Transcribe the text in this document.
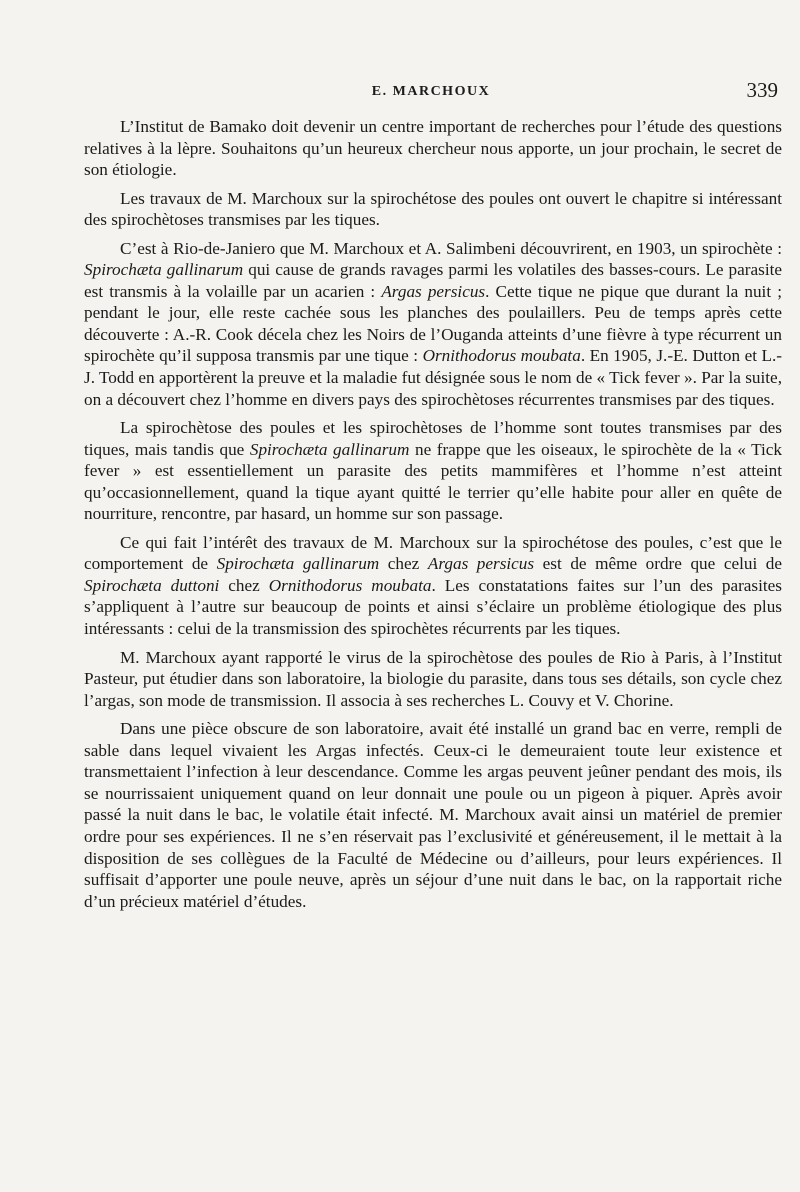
E. MARCHOUX	339

L’Institut de Bamako doit devenir un centre important de recherches pour l’étude des questions relatives à la lèpre. Souhaitons qu’un heureux chercheur nous apporte, un jour prochain, le secret de son étiologie.

Les travaux de M. Marchoux sur la spirochétose des poules ont ouvert le chapitre si intéressant des spirochètoses transmises par les tiques.

C’est à Rio-de-Janiero que M. Marchoux et A. Salimbeni découvrirent, en 1903, un spirochète : Spirochæta gallinarum qui cause de grands ravages parmi les volatiles des basses-cours. Le parasite est transmis à la volaille par un acarien : Argas persicus. Cette tique ne pique que durant la nuit ; pendant le jour, elle reste cachée sous les planches des poulaillers. Peu de temps après cette découverte : A.-R. Cook décela chez les Noirs de l’Ouganda atteints d’une fièvre à type récurrent un spirochète qu’il supposa transmis par une tique : Ornithodorus moubata. En 1905, J.-E. Dutton et L.-J. Todd en apportèrent la preuve et la maladie fut désignée sous le nom de « Tick fever ». Par la suite, on a découvert chez l’homme en divers pays des spirochètoses récurrentes transmises par des tiques.

La spirochètose des poules et les spirochètoses de l’homme sont toutes transmises par des tiques, mais tandis que Spirochæta gallinarum ne frappe que les oiseaux, le spirochète de la « Tick fever » est essentiellement un parasite des petits mammifères et l’homme n’est atteint qu’occasionnellement, quand la tique ayant quitté le terrier qu’elle habite pour aller en quête de nourriture, rencontre, par hasard, un homme sur son passage.

Ce qui fait l’intérêt des travaux de M. Marchoux sur la spirochétose des poules, c’est que le comportement de Spirochæta gallinarum chez Argas persicus est de même ordre que celui de Spirochæta duttoni chez Ornithodorus moubata. Les constatations faites sur l’un des parasites s’appliquent à l’autre sur beaucoup de points et ainsi s’éclaire un problème étiologique des plus intéressants : celui de la transmission des spirochètes récurrents par les tiques.

M. Marchoux ayant rapporté le virus de la spirochètose des poules de Rio à Paris, à l’Institut Pasteur, put étudier dans son laboratoire, la biologie du parasite, dans tous ses détails, son cycle chez l’argas, son mode de transmission. Il associa à ses recherches L. Couvy et V. Chorine.

Dans une pièce obscure de son laboratoire, avait été installé un grand bac en verre, rempli de sable dans lequel vivaient les Argas infectés. Ceux-ci le demeuraient toute leur existence et transmettaient l’infection à leur descendance. Comme les argas peuvent jeûner pendant des mois, ils se nourrissaient uniquement quand on leur donnait une poule ou un pigeon à piquer. Après avoir passé la nuit dans le bac, le volatile était infecté. M. Marchoux avait ainsi un matériel de premier ordre pour ses expériences. Il ne s’en réservait pas l’exclusivité et généreusement, il le mettait à la disposition de ses collègues de la Faculté de Médecine ou d’ailleurs, pour leurs expériences. Il suffisait d’apporter une poule neuve, après un séjour d’une nuit dans le bac, on la rapportait riche d’un précieux matériel d’études.
